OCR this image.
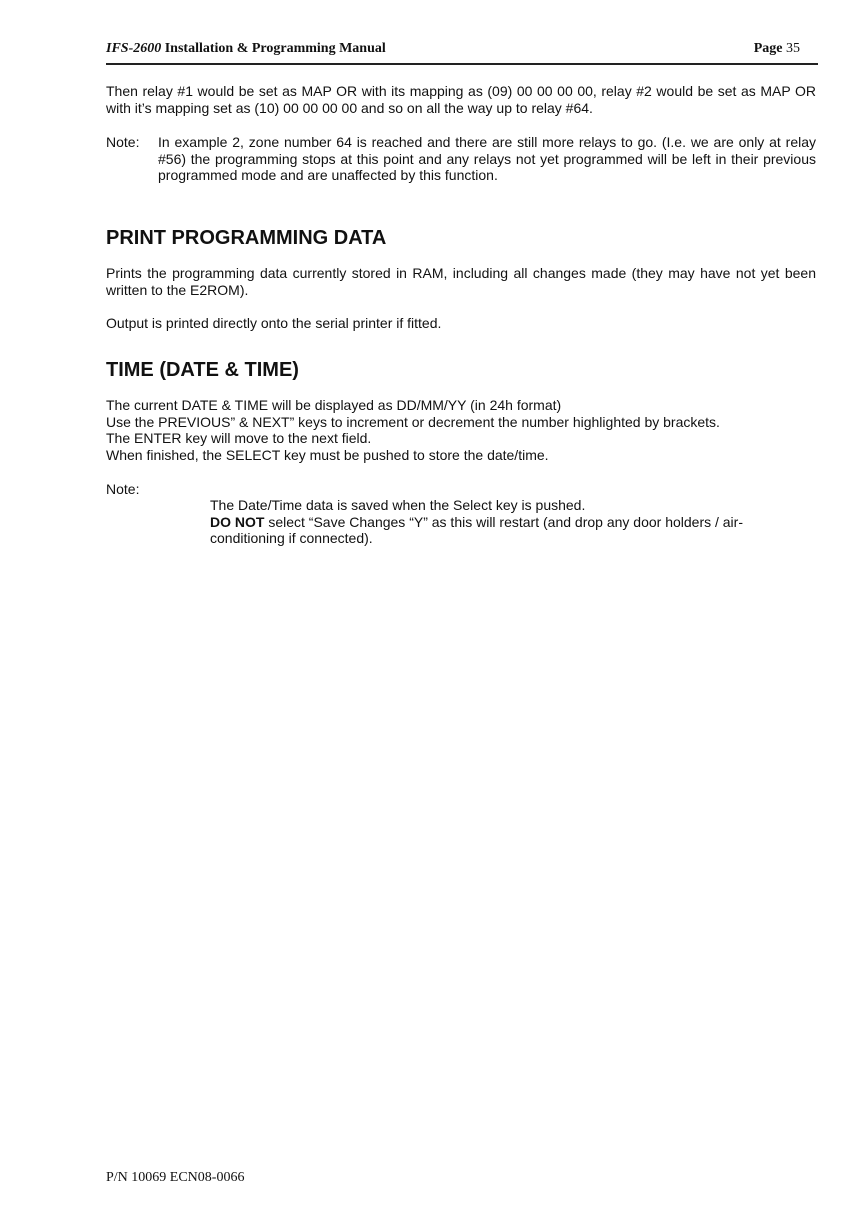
IFS-2600 Installation & Programming Manual	Page 35
Then relay #1 would be set as MAP OR with its mapping as (09) 00 00 00 00, relay #2 would be set as MAP OR with it’s mapping set as (10) 00 00 00 00 and so on all the way up to relay #64.
Note: In example 2, zone number 64 is reached and there are still more relays to go. (I.e. we are only at relay #56) the programming stops at this point and any relays not yet programmed will be left in their previous programmed mode and are unaffected by this function.
PRINT PROGRAMMING DATA
Prints the programming data currently stored in RAM, including all changes made (they may have not yet been written to the E2ROM).
Output is printed directly onto the serial printer if fitted.
TIME (DATE & TIME)
The current DATE & TIME will be displayed as DD/MM/YY (in 24h format)
Use the PREVIOUS” & NEXT” keys to increment or decrement the number highlighted by brackets.
The ENTER key will move to the next field.
When finished, the SELECT key must be pushed to store the date/time.
Note:
The Date/Time data is saved when the Select key is pushed.
DO NOT select “Save Changes “Y” as this will restart (and drop any door holders / air-conditioning if connected).
P/N 10069 ECN08-0066
